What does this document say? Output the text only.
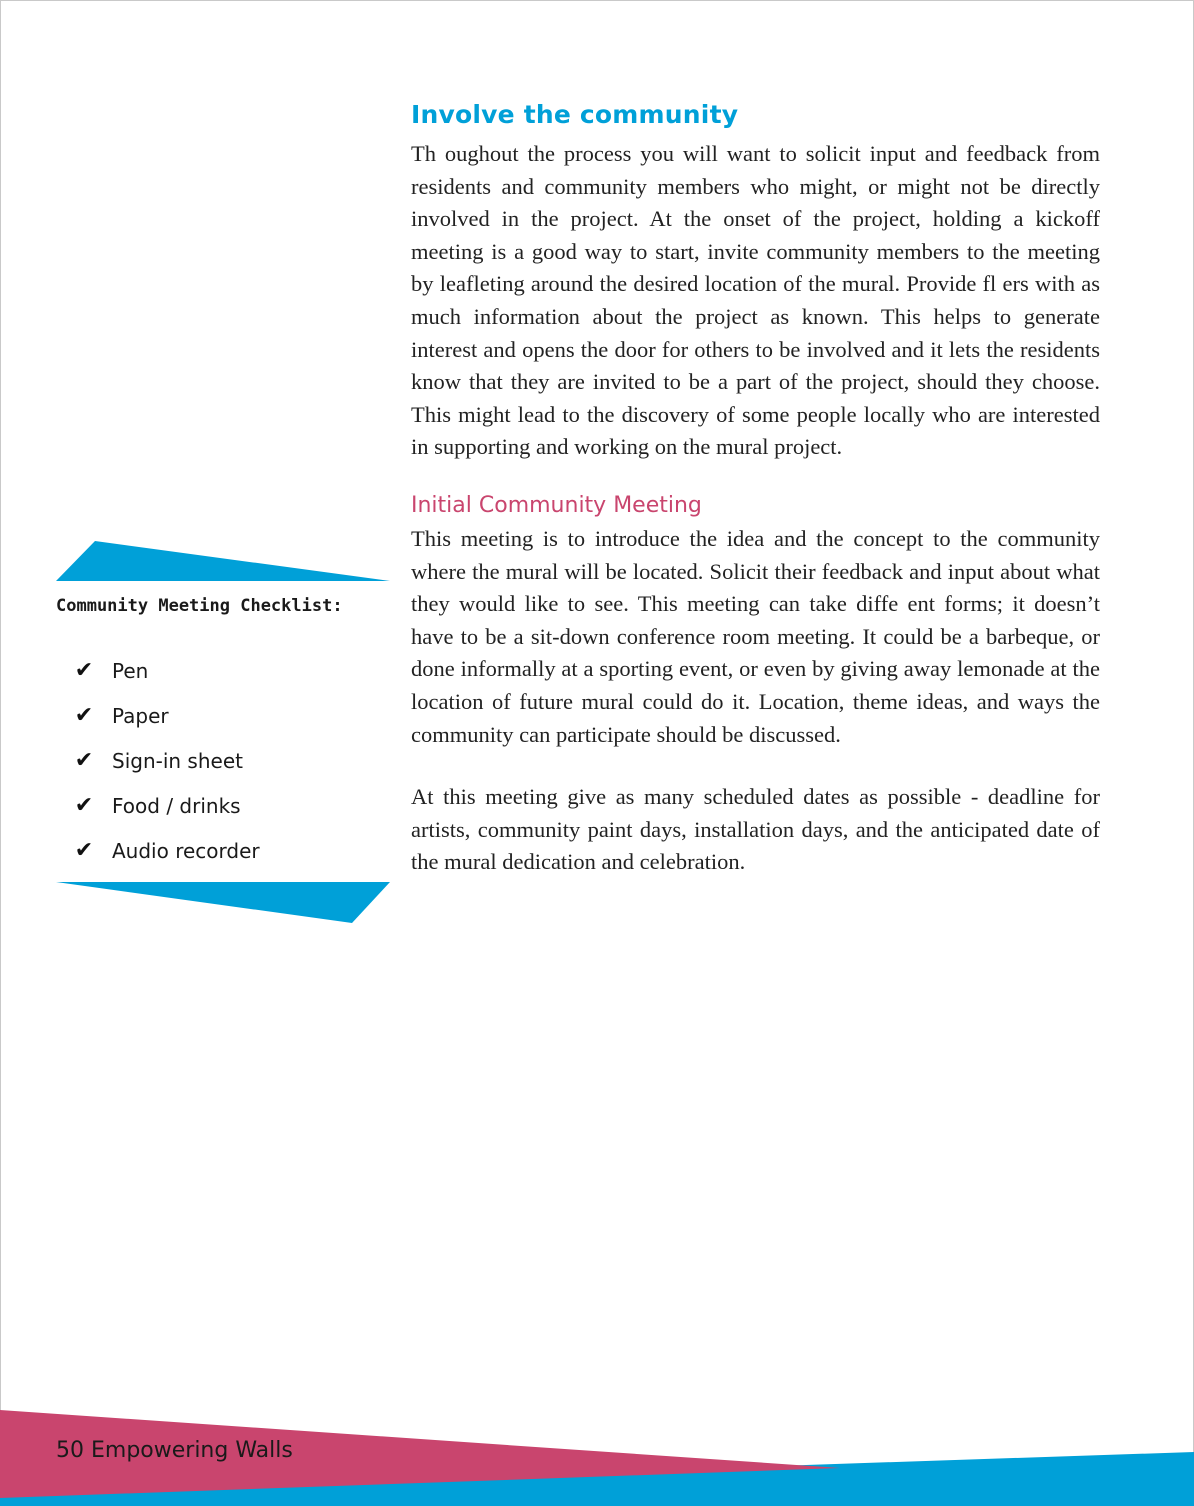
Involve the community

Th oughout the process you will want to solicit input and feedback from residents and community members who might, or might not be directly involved in the project. At the onset of the project, holding a kickoff meeting is a good way to start, invite community members to the meeting by leafleting around the desired location of the mural. Provide fl ers with as much information about the project as known. This helps to generate interest and opens the door for others to be involved and it lets the residents know that they are invited to be a part of the project, should they choose. This might lead to the discovery of some people locally who are interested in supporting and working on the mural project.

Initial Community Meeting

This meeting is to introduce the idea and the concept to the community where the mural will be located. Solicit their feedback and input about what they would like to see. This meeting can take diffe ent forms; it doesn’t have to be a sit-down conference room meeting. It could be a barbeque, or done informally at a sporting event, or even by giving away lemonade at the location of future mural could do it. Location, theme ideas, and ways the community can participate should be discussed.

At this meeting give as many scheduled dates as possible - deadline for artists, community paint days, installation days, and the anticipated date of the mural dedication and celebration.

Community Meeting Checklist:
✔ Pen
✔ Paper
✔ Sign-in sheet
✔ Food / drinks
✔ Audio recorder
50 Empowering Walls
